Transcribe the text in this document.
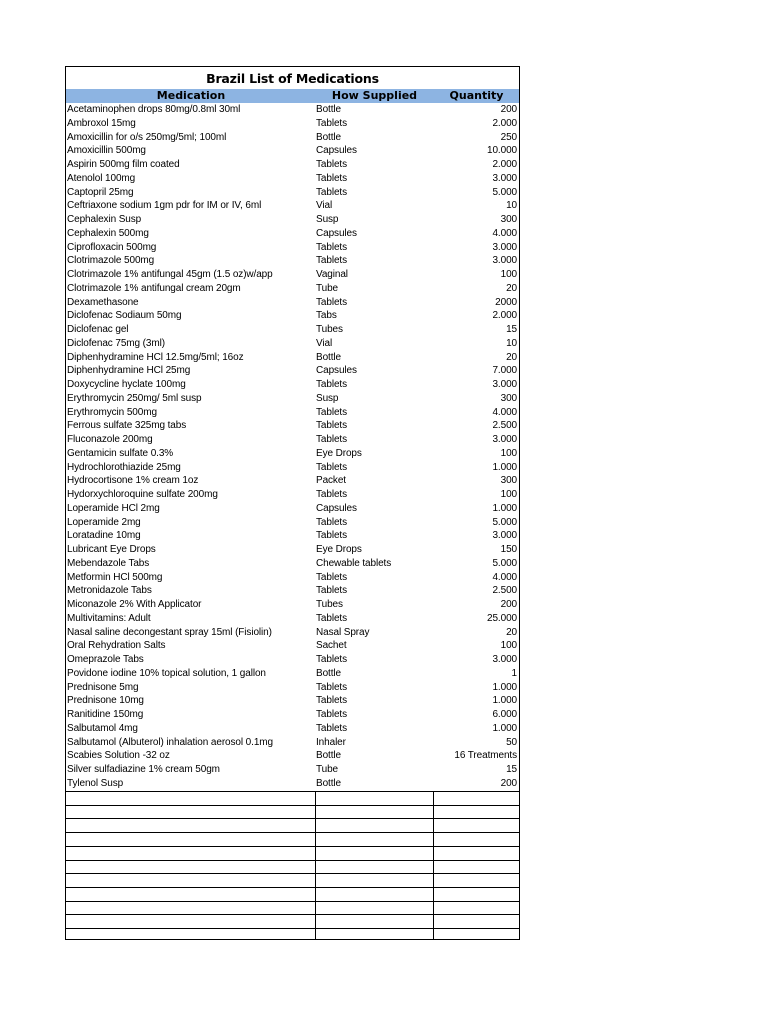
Brazil List of Medications
Medication	How Supplied	Quantity
Acetaminophen drops 80mg/0.8ml 30ml	Bottle	200
Ambroxol 15mg	Tablets	2.000
Amoxicillin for o/s 250mg/5ml; 100ml	Bottle	250
Amoxicillin 500mg	Capsules	10.000
Aspirin 500mg film coated	Tablets	2.000
Atenolol 100mg	Tablets	3.000
Captopril 25mg	Tablets	5.000
Ceftriaxone sodium 1gm pdr for IM or IV, 6ml	Vial	10
Cephalexin Susp	Susp	300
Cephalexin 500mg	Capsules	4.000
Ciprofloxacin 500mg	Tablets	3.000
Clotrimazole 500mg	Tablets	3.000
Clotrimazole 1% antifungal 45gm (1.5 oz)w/app	Vaginal	100
Clotrimazole 1% antifungal cream 20gm	Tube	20
Dexamethasone	Tablets	2000
Diclofenac Sodiaum 50mg	Tabs	2.000
Diclofenac gel	Tubes	15
Diclofenac 75mg (3ml)	Vial	10
Diphenhydramine HCl 12.5mg/5ml; 16oz	Bottle	20
Diphenhydramine HCl 25mg	Capsules	7.000
Doxycycline hyclate 100mg	Tablets	3.000
Erythromycin 250mg/ 5ml susp	Susp	300
Erythromycin 500mg	Tablets	4.000
Ferrous sulfate 325mg tabs	Tablets	2.500
Fluconazole 200mg	Tablets	3.000
Gentamicin sulfate 0.3%	Eye Drops	100
Hydrochlorothiazide 25mg	Tablets	1.000
Hydrocortisone 1% cream 1oz	Packet	300
Hydorxychloroquine sulfate 200mg	Tablets	100
Loperamide HCl 2mg	Capsules	1.000
Loperamide 2mg	Tablets	5.000
Loratadine 10mg	Tablets	3.000
Lubricant Eye Drops	Eye Drops	150
Mebendazole Tabs	Chewable tablets	5.000
Metformin HCl 500mg	Tablets	4.000
Metronidazole Tabs	Tablets	2.500
Miconazole 2% With Applicator	Tubes	200
Multivitamins: Adult	Tablets	25.000
Nasal saline decongestant spray 15ml (Fisiolin)	Nasal Spray	20
Oral Rehydration Salts	Sachet	100
Omeprazole Tabs	Tablets	3.000
Povidone iodine 10% topical solution, 1 gallon	Bottle	1
Prednisone 5mg	Tablets	1.000
Prednisone 10mg	Tablets	1.000
Ranitidine 150mg	Tablets	6.000
Salbutamol 4mg	Tablets	1.000
Salbutamol (Albuterol) inhalation aerosol 0.1mg	Inhaler	50
Scabies Solution -32 oz	Bottle	16 Treatments
Silver sulfadiazine 1% cream 50gm	Tube	15
Tylenol Susp	Bottle	200
